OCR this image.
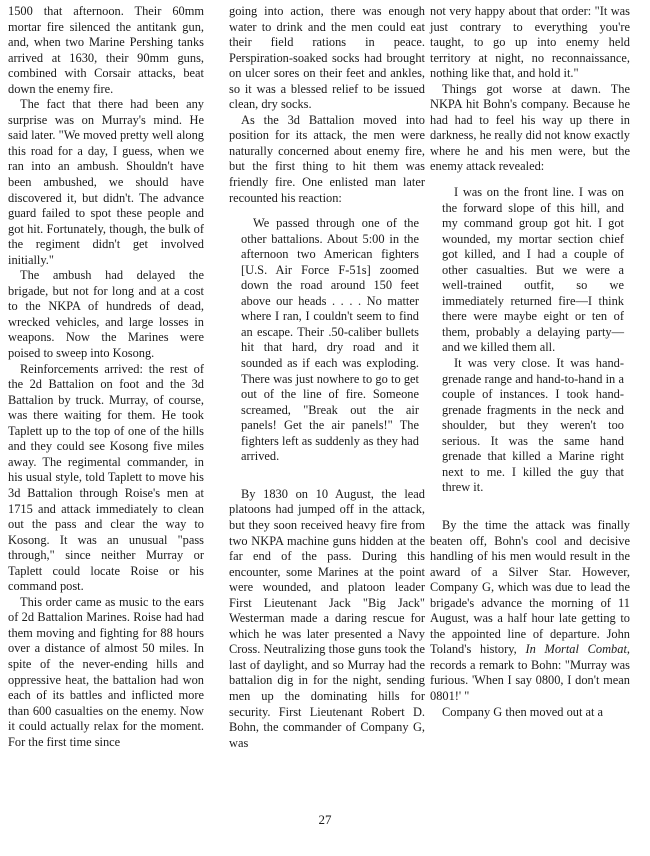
1500 that afternoon. Their 60mm mortar fire silenced the antitank gun, and, when two Marine Pershing tanks arrived at 1630, their 90mm guns, combined with Corsair attacks, beat down the enemy fire.

The fact that there had been any surprise was on Murray's mind. He said later. "We moved pretty well along this road for a day, I guess, when we ran into an ambush. Shouldn't have been ambushed, we should have discovered it, but didn't. The advance guard failed to spot these people and got hit. Fortunately, though, the bulk of the regiment didn't get involved initially."

The ambush had delayed the brigade, but not for long and at a cost to the NKPA of hundreds of dead, wrecked vehicles, and large losses in weapons. Now the Marines were poised to sweep into Kosong.

Reinforcements arrived: the rest of the 2d Battalion on foot and the 3d Battalion by truck. Murray, of course, was there waiting for them. He took Taplett up to the top of one of the hills and they could see Kosong five miles away. The regimental commander, in his usual style, told Taplett to move his 3d Battalion through Roise's men at 1715 and attack immediately to clean out the pass and clear the way to Kosong. It was an unusual "pass through," since neither Murray or Taplett could locate Roise or his command post.

This order came as music to the ears of 2d Battalion Marines. Roise had had them moving and fighting for 88 hours over a distance of almost 50 miles. In spite of the never-ending hills and oppressive heat, the battalion had won each of its battles and inflicted more than 600 casualties on the enemy. Now it could actually relax for the moment. For the first time since

going into action, there was enough water to drink and the men could eat their field rations in peace. Perspiration-soaked socks had brought on ulcer sores on their feet and ankles, so it was a blessed relief to be issued clean, dry socks.

As the 3d Battalion moved into position for its attack, the men were naturally concerned about enemy fire, but the first thing to hit them was friendly fire. One enlisted man later recounted his reaction:

We passed through one of the other battalions. About 5:00 in the afternoon two American fighters [U.S. Air Force F-51s] zoomed down the road around 150 feet above our heads . . . . No matter where I ran, I couldn't seem to find an escape. Their .50-caliber bullets hit that hard, dry road and it sounded as if each was exploding. There was just nowhere to go to get out of the line of fire. Someone screamed, "Break out the air panels! Get the air panels!" The fighters left as suddenly as they had arrived.

By 1830 on 10 August, the lead platoons had jumped off in the attack, but they soon received heavy fire from two NKPA machine guns hidden at the far end of the pass. During this encounter, some Marines at the point were wounded, and platoon leader First Lieutenant Jack "Big Jack" Westerman made a daring rescue for which he was later presented a Navy Cross. Neutralizing those guns took the last of daylight, and so Murray had the battalion dig in for the night, sending men up the dominating hills for security. First Lieutenant Robert D. Bohn, the commander of Company G, was

not very happy about that order: "It was just contrary to everything you're taught, to go up into enemy held territory at night, no reconnaissance, nothing like that, and hold it."

Things got worse at dawn. The NKPA hit Bohn's company. Because he had had to feel his way up there in darkness, he really did not know exactly where he and his men were, but the enemy attack revealed:

I was on the front line. I was on the forward slope of this hill, and my command group got hit. I got wounded, my mortar section chief got killed, and I had a couple of other casualties. But we were a well-trained outfit, so we immediately returned fire—I think there were maybe eight or ten of them, probably a delaying party—and we killed them all.

It was very close. It was hand-grenade range and hand-to-hand in a couple of instances. I took hand-grenade fragments in the neck and shoulder, but they weren't too serious. It was the same hand grenade that killed a Marine right next to me. I killed the guy that threw it.

By the time the attack was finally beaten off, Bohn's cool and decisive handling of his men would result in the award of a Silver Star. However, Company G, which was due to lead the brigade's advance the morning of 11 August, was a half hour late getting to the appointed line of departure. John Toland's history, In Mortal Combat, records a remark to Bohn: "Murray was furious. 'When I say 0800, I don't mean 0801!' "

Company G then moved out at a

27
